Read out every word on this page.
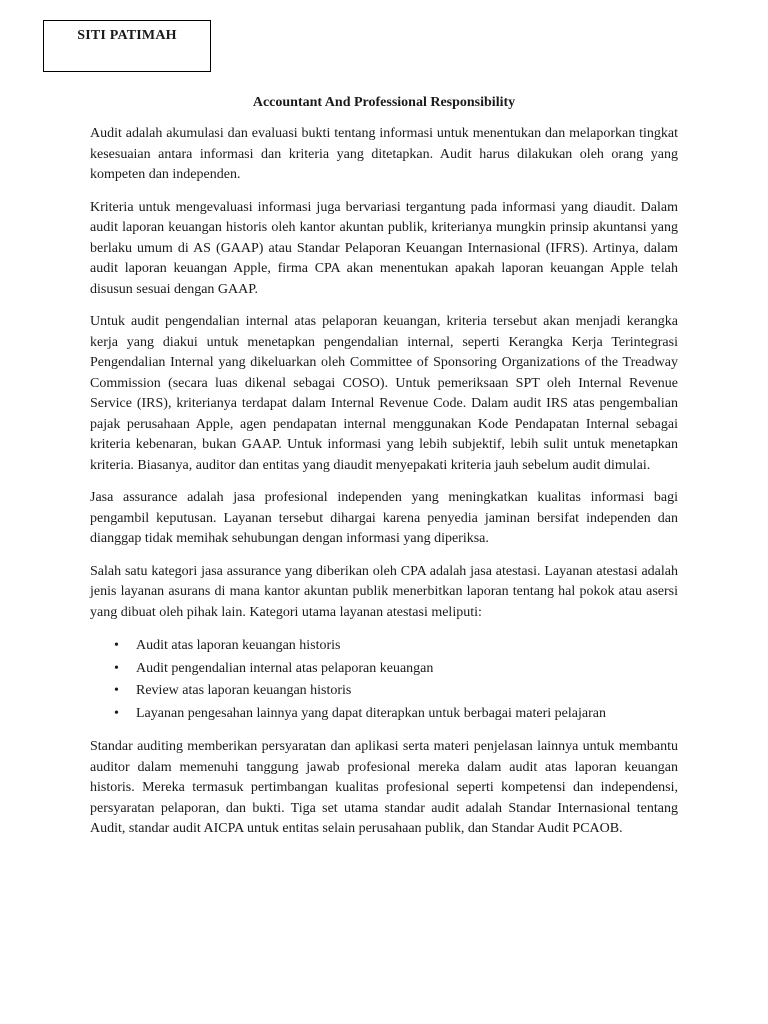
SITI PATIMAH
Accountant And Professional Responsibility

Audit adalah akumulasi dan evaluasi bukti tentang informasi untuk menentukan dan melaporkan tingkat kesesuaian antara informasi dan kriteria yang ditetapkan. Audit harus dilakukan oleh orang yang kompeten dan independen.

Kriteria untuk mengevaluasi informasi juga bervariasi tergantung pada informasi yang diaudit. Dalam audit laporan keuangan historis oleh kantor akuntan publik, kriterianya mungkin prinsip akuntansi yang berlaku umum di AS (GAAP) atau Standar Pelaporan Keuangan Internasional (IFRS). Artinya, dalam audit laporan keuangan Apple, firma CPA akan menentukan apakah laporan keuangan Apple telah disusun sesuai dengan GAAP.

Untuk audit pengendalian internal atas pelaporan keuangan, kriteria tersebut akan menjadi kerangka kerja yang diakui untuk menetapkan pengendalian internal, seperti Kerangka Kerja Terintegrasi Pengendalian Internal yang dikeluarkan oleh Committee of Sponsoring Organizations of the Treadway Commission (secara luas dikenal sebagai COSO). Untuk pemeriksaan SPT oleh Internal Revenue Service (IRS), kriterianya terdapat dalam Internal Revenue Code. Dalam audit IRS atas pengembalian pajak perusahaan Apple, agen pendapatan internal menggunakan Kode Pendapatan Internal sebagai kriteria kebenaran, bukan GAAP. Untuk informasi yang lebih subjektif, lebih sulit untuk menetapkan kriteria. Biasanya, auditor dan entitas yang diaudit menyepakati kriteria jauh sebelum audit dimulai.

Jasa assurance adalah jasa profesional independen yang meningkatkan kualitas informasi bagi pengambil keputusan. Layanan tersebut dihargai karena penyedia jaminan bersifat independen dan dianggap tidak memihak sehubungan dengan informasi yang diperiksa.

Salah satu kategori jasa assurance yang diberikan oleh CPA adalah jasa atestasi. Layanan atestasi adalah jenis layanan asurans di mana kantor akuntan publik menerbitkan laporan tentang hal pokok atau asersi yang dibuat oleh pihak lain. Kategori utama layanan atestasi meliputi:

• Audit atas laporan keuangan historis
• Audit pengendalian internal atas pelaporan keuangan
• Review atas laporan keuangan historis
• Layanan pengesahan lainnya yang dapat diterapkan untuk berbagai materi pelajaran

Standar auditing memberikan persyaratan dan aplikasi serta materi penjelasan lainnya untuk membantu auditor dalam memenuhi tanggung jawab profesional mereka dalam audit atas laporan keuangan historis. Mereka termasuk pertimbangan kualitas profesional seperti kompetensi dan independensi, persyaratan pelaporan, dan bukti. Tiga set utama standar audit adalah Standar Internasional tentang Audit, standar audit AICPA untuk entitas selain perusahaan publik, dan Standar Audit PCAOB.
